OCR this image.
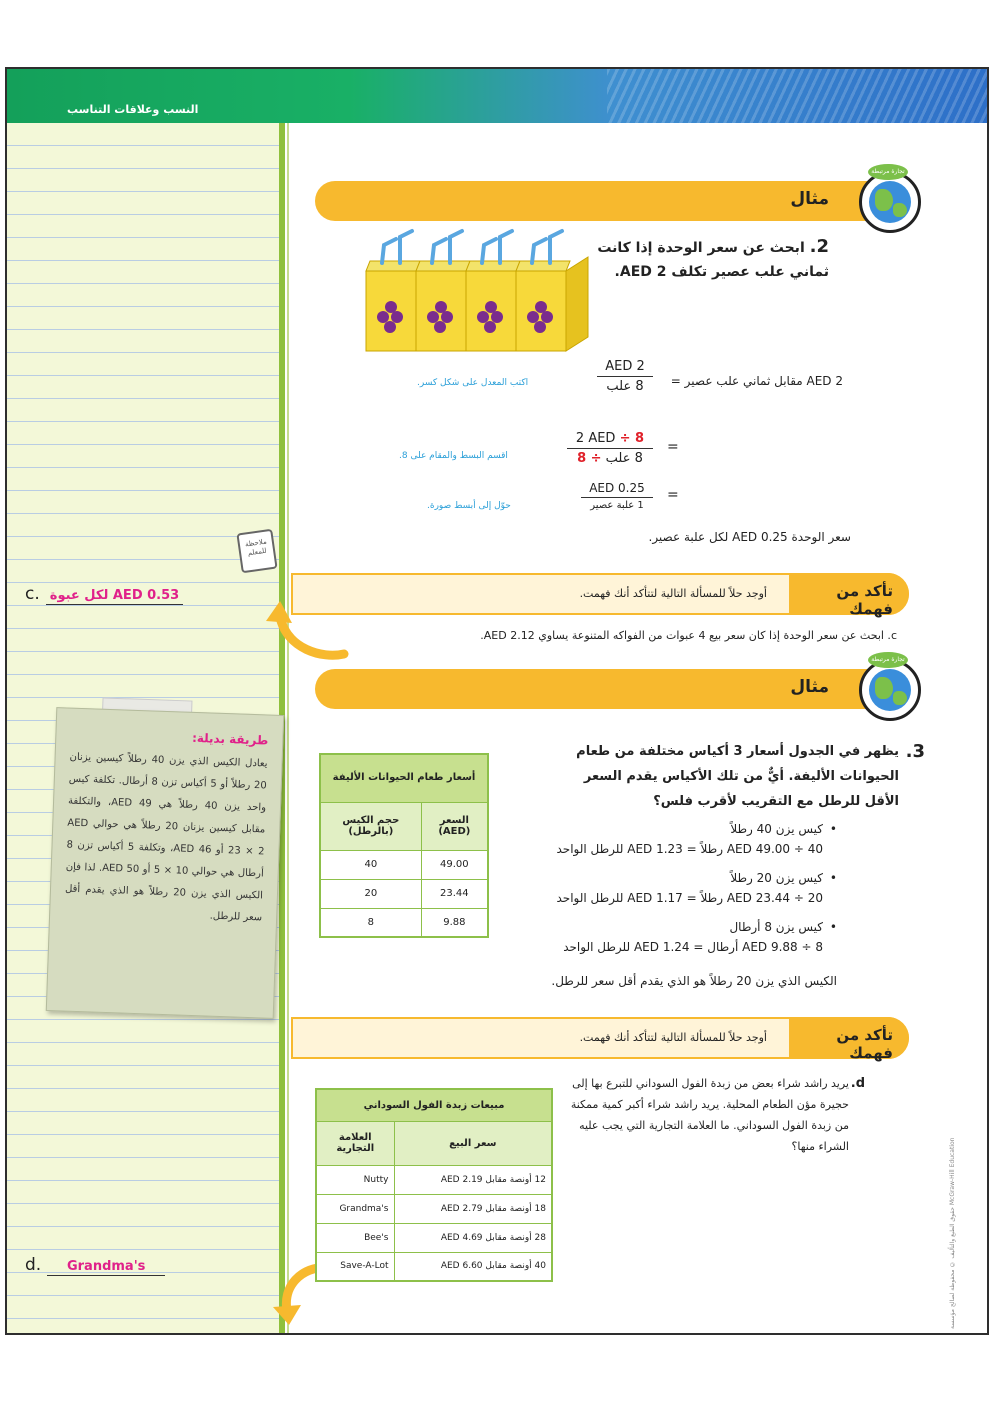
النسب وعلاقات التناسب
ملاحظة للمعلم
c. AED 0.53 لكل عبوة
طريقة بديلة:
يعادل الكيس الذي يزن 40 رطلاً كيسين يزنان 20 رطلاً أو 5 أكياس تزن 8 أرطال. تكلفة كيس واحد يزن 40 رطلاً هي AED 49، والتكلفة مقابل كيسين يزنان 20 رطلاً هي حوالي AED 23 × 2 أو AED 46، وتكلفة 5 أكياس تزن 8 أرطال هي حوالي 10 × 5 أو AED 50. لذا فإن الكيس الذي يزن 20 رطلاً هو الذي يقدم أقل سعر للرطل.
d.	Grandma's
مثال
تجارة مرتبطة
2. ابحث عن سعر الوحدة إذا كانت
ثماني علب عصير تكلف AED 2.
AED 2 مقابل ثماني علب عصير =
AED 2
8 علب
اكتب المعدل على شكل كسر.
=
2 AED ÷ 8
8 علب ÷ 8
اقسم البسط والمقام على 8.
=
AED 0.25
1 علبة عصير
حوّل إلى أبسط صورة.
سعر الوحدة AED 0.25 لكل علبة عصير.
تأكد من فهمك
أوجد حلاً للمسألة التالية لتتأكد أنك فهمت.
c. ابحث عن سعر الوحدة إذا كان سعر بيع 4 عبوات من الفواكه المتنوعة يساوي AED 2.12.
مثال
تجارة مرتبطة
3.
يظهر في الجدول أسعار 3 أكياس مختلفة من طعام الحيوانات الأليفة. أيٌّ من تلك الأكياس يقدم السعر الأقل للرطل مع التقريب لأقرب فلس؟
أسعار طعام الحيوانات الأليفة	
حجم الكيس (بالرطل)	السعر (AED)
40	49.00
20	23.44
8	9.88
• كيس يزن 40 رطلاً
AED 49.00 ÷ 40 رطلاً = AED 1.23 للرطل الواحد
• كيس يزن 20 رطلاً
AED 23.44 ÷ 20 رطلاً = AED 1.17 للرطل الواحد
• كيس يزن 8 أرطال
AED 9.88 ÷ 8 أرطال = AED 1.24 للرطل الواحد
الكيس الذي يزن 20 رطلاً هو الذي يقدم أقل سعر للرطل.
تأكد من فهمك
أوجد حلاً للمسألة التالية لتتأكد أنك فهمت.
d.
يريد راشد شراء بعض من زبدة الفول السوداني للتبرع بها إلى حجيرة مؤن الطعام المحلية. يريد راشد شراء أكبر كمية ممكنة من زبدة الفول السوداني. ما العلامة التجارية التي يجب عليه الشراء منها؟
مبيعات زبدة الفول السوداني	
العلامة التجارية	سعر البيع
Nutty	12 أونصة مقابل AED 2.19
Grandma's	18 أونصة مقابل AED 2.79
Bee's	28 أونصة مقابل AED 4.69
Save-A-Lot	40 أونصة مقابل AED 6.60	حقوق الطبع والتأليف © محفوظة لصالح مؤسسة McGraw-Hill Education
